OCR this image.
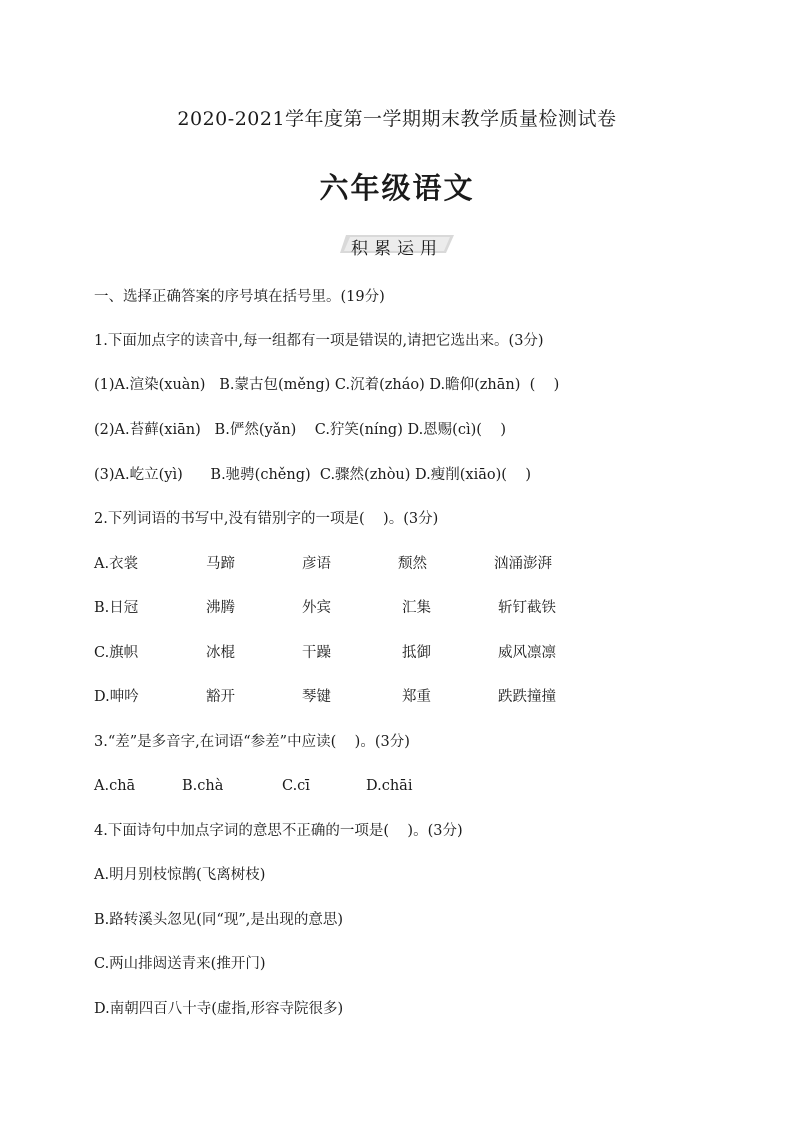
2020-2021学年度第一学期期末教学质量检测试卷
六年级语文
积累运用
一、选择正确答案的序号填在括号里。(19分)
1.下面加点字的读音中,每一组都有一项是错误的,请把它选出来。(3分)
(1)A.渲染(xuàn)   B.蒙古包(měng) C.沉着(zháo) D.瞻仰(zhān)  (    )
(2)A.苔藓(xiān)   B.俨然(yǎn)    C.狞笑(níng) D.恩赐(cì)(    )
(3)A.屹立(yì)      B.驰骋(chěng)  C.骤然(zhòu) D.瘦削(xiāo)(    )
2.下列词语的书写中,没有错别字的一项是(    )。(3分)
A.衣裳	马蹄	彦语	颓然	汹涌澎湃
B.日冠	沸腾	外宾	汇集	斩钉截铁
C.旗帜	冰棍	干躁	抵御	威风凛凛
D.呻吟	豁开	琴键	郑重	跌跌撞撞
3.“差”是多音字,在词语“参差”中应读(    )。(3分)
A.chā	B.chà	C.cī	D.chāi
4.下面诗句中加点字词的意思不正确的一项是(    )。(3分)
A.明月别枝惊鹊(飞离树枝)
B.路转溪头忽见(同“现”,是出现的意思)
C.两山排闼送青来(推开门)
D.南朝四百八十寺(虚指,形容寺院很多)
